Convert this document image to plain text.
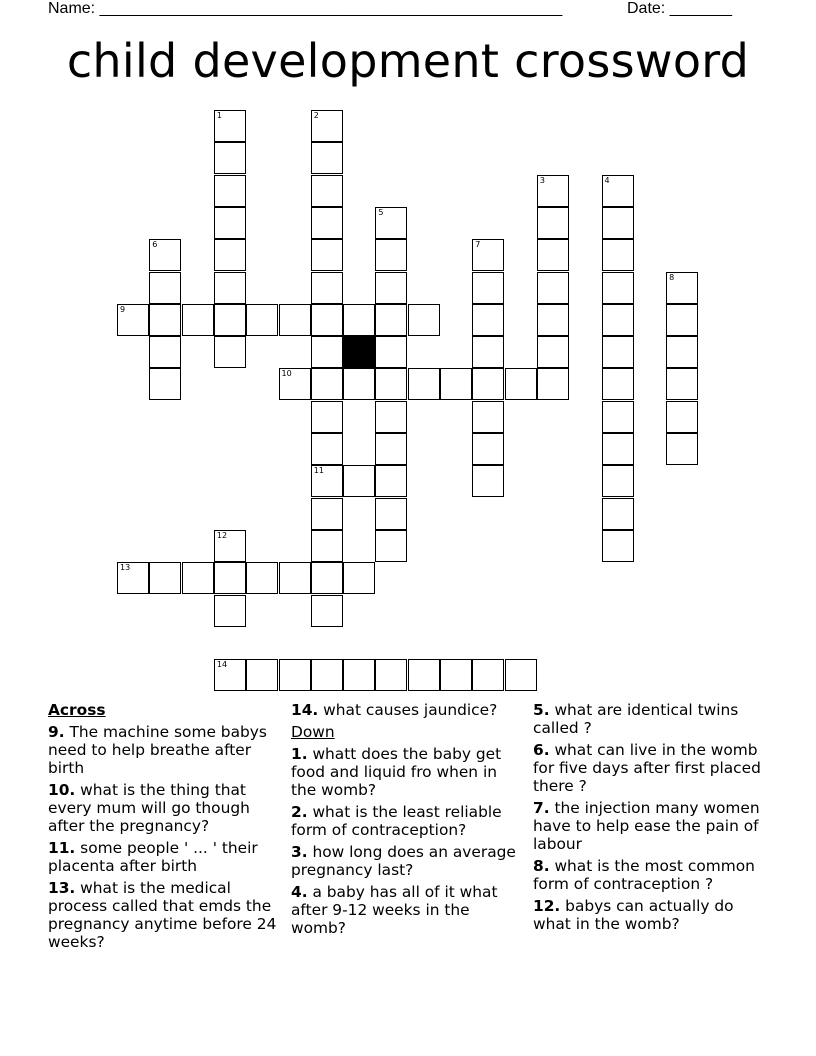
Name: ____________________________________________________	Date: _______
child development crossword
1	2
11
3	4
5
6	7
8
12
9
10
13
14
Across
9. The machine some babys need to help breathe after birth
10. what is the thing that every mum will go though after the pregnancy?
11. some people ' ... ' their placenta after birth
13. what is the medical process called that emds the pregnancy anytime before 24 weeks?
14. what causes jaundice?
Down
1. whatt does the baby get food and liquid fro when in the womb?
2. what is the least reliable form of contraception?
3. how long does an average pregnancy last?
4. a baby has all of it what after 9-12 weeks in the womb?
5. what are identical twins called ?
6. what can live in the womb for five days after first placed there ?
7. the injection many women have to help ease the pain of labour
8. what is the most common form of contraception ?
12. babys can actually do what in the womb?
